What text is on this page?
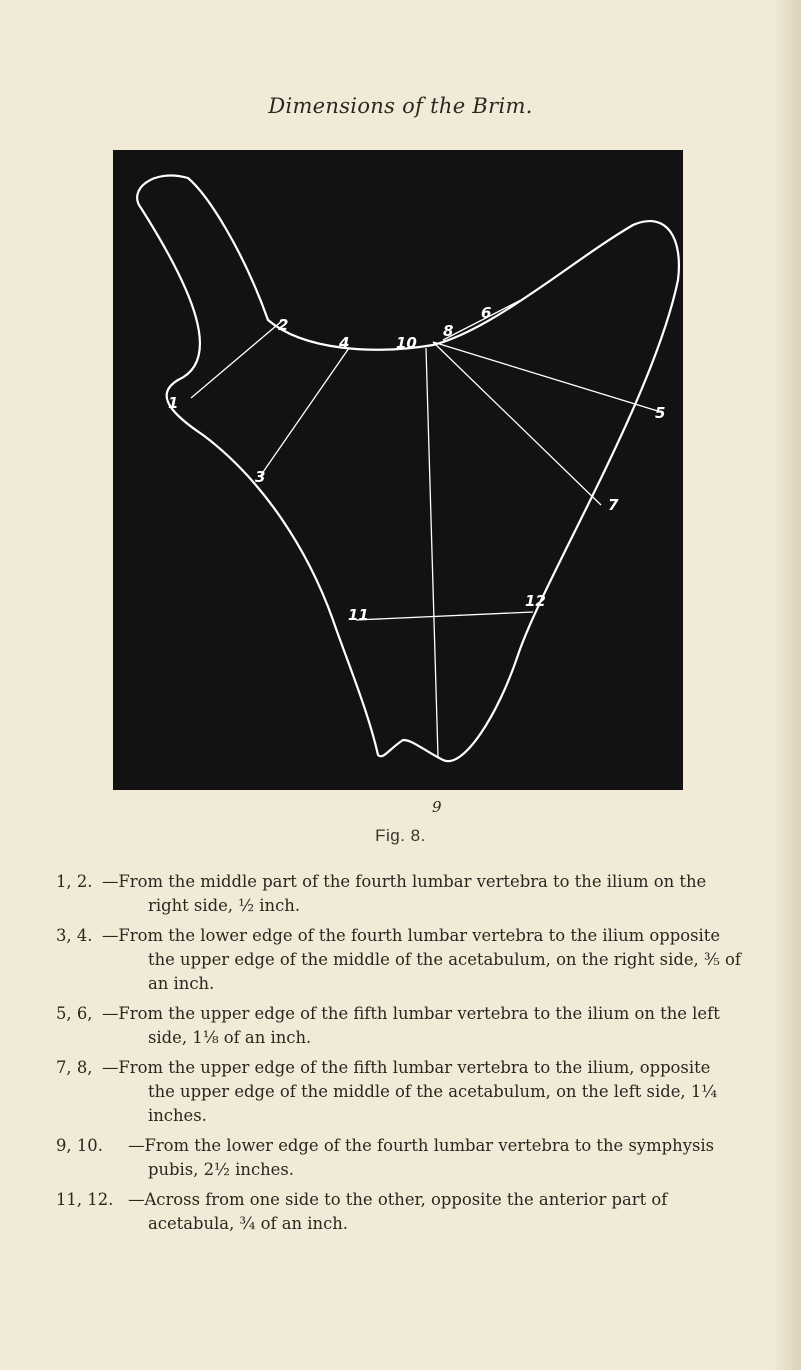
Dimensions of the Brim.
1
2
3
4
5
6
7
8
10
11
12
9
Fig. 8.

1, 2. —From the middle part of the fourth lumbar vertebra to the ilium on the right side, ½ inch.

3, 4. —From the lower edge of the fourth lumbar vertebra to the ilium opposite the upper edge of the middle of the acetabulum, on the right side, ⅗ of an inch.

5, 6, —From the upper edge of the fifth lumbar vertebra to the ilium on the left side, 1⅛ of an inch.

7, 8, —From the upper edge of the fifth lumbar vertebra to the ilium, opposite the upper edge of the middle of the acetabulum, on the left side, 1¼ inches.

9, 10. —From the lower edge of the fourth lumbar vertebra to the symphysis pubis, 2½ inches.

11, 12. —Across from one side to the other, opposite the anterior part of acetabula, ¾ of an inch.
